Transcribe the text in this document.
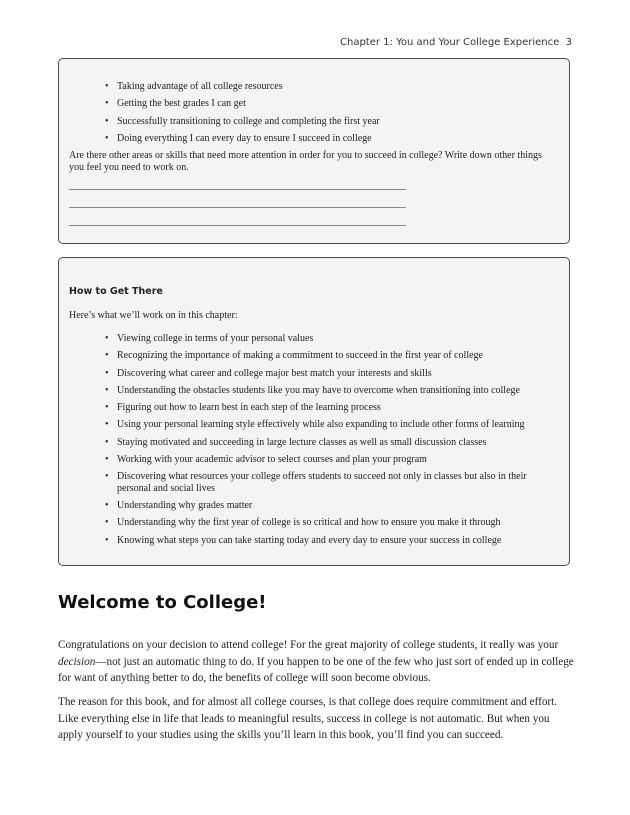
Chapter 1: You and Your College Experience 3
• Taking advantage of all college resources
• Getting the best grades I can get
• Successfully transitioning to college and completing the first year
• Doing everything I can every day to ensure I succeed in college

Are there other areas or skills that need more attention in order for you to succeed in college? Write down other things you feel you need to work on.

How to Get There

Here’s what we’ll work on in this chapter:

• Viewing college in terms of your personal values
• Recognizing the importance of making a commitment to succeed in the first year of college
• Discovering what career and college major best match your interests and skills
• Understanding the obstacles students like you may have to overcome when transitioning into college
• Figuring out how to learn best in each step of the learning process
• Using your personal learning style effectively while also expanding to include other forms of learning
• Staying motivated and succeeding in large lecture classes as well as small discussion classes
• Working with your academic advisor to select courses and plan your program
• Discovering what resources your college offers students to succeed not only in classes but also in their personal and social lives
• Understanding why grades matter
• Understanding why the first year of college is so critical and how to ensure you make it through
• Knowing what steps you can take starting today and every day to ensure your success in college
Welcome to College!

Congratulations on your decision to attend college! For the great majority of college students, it really was your decision—not just an automatic thing to do. If you happen to be one of the few who just sort of ended up in college for want of anything better to do, the benefits of college will soon become obvious.

The reason for this book, and for almost all college courses, is that college does require commitment and effort. Like everything else in life that leads to meaningful results, success in college is not automatic. But when you apply yourself to your studies using the skills you’ll learn in this book, you’ll find you can succeed.
